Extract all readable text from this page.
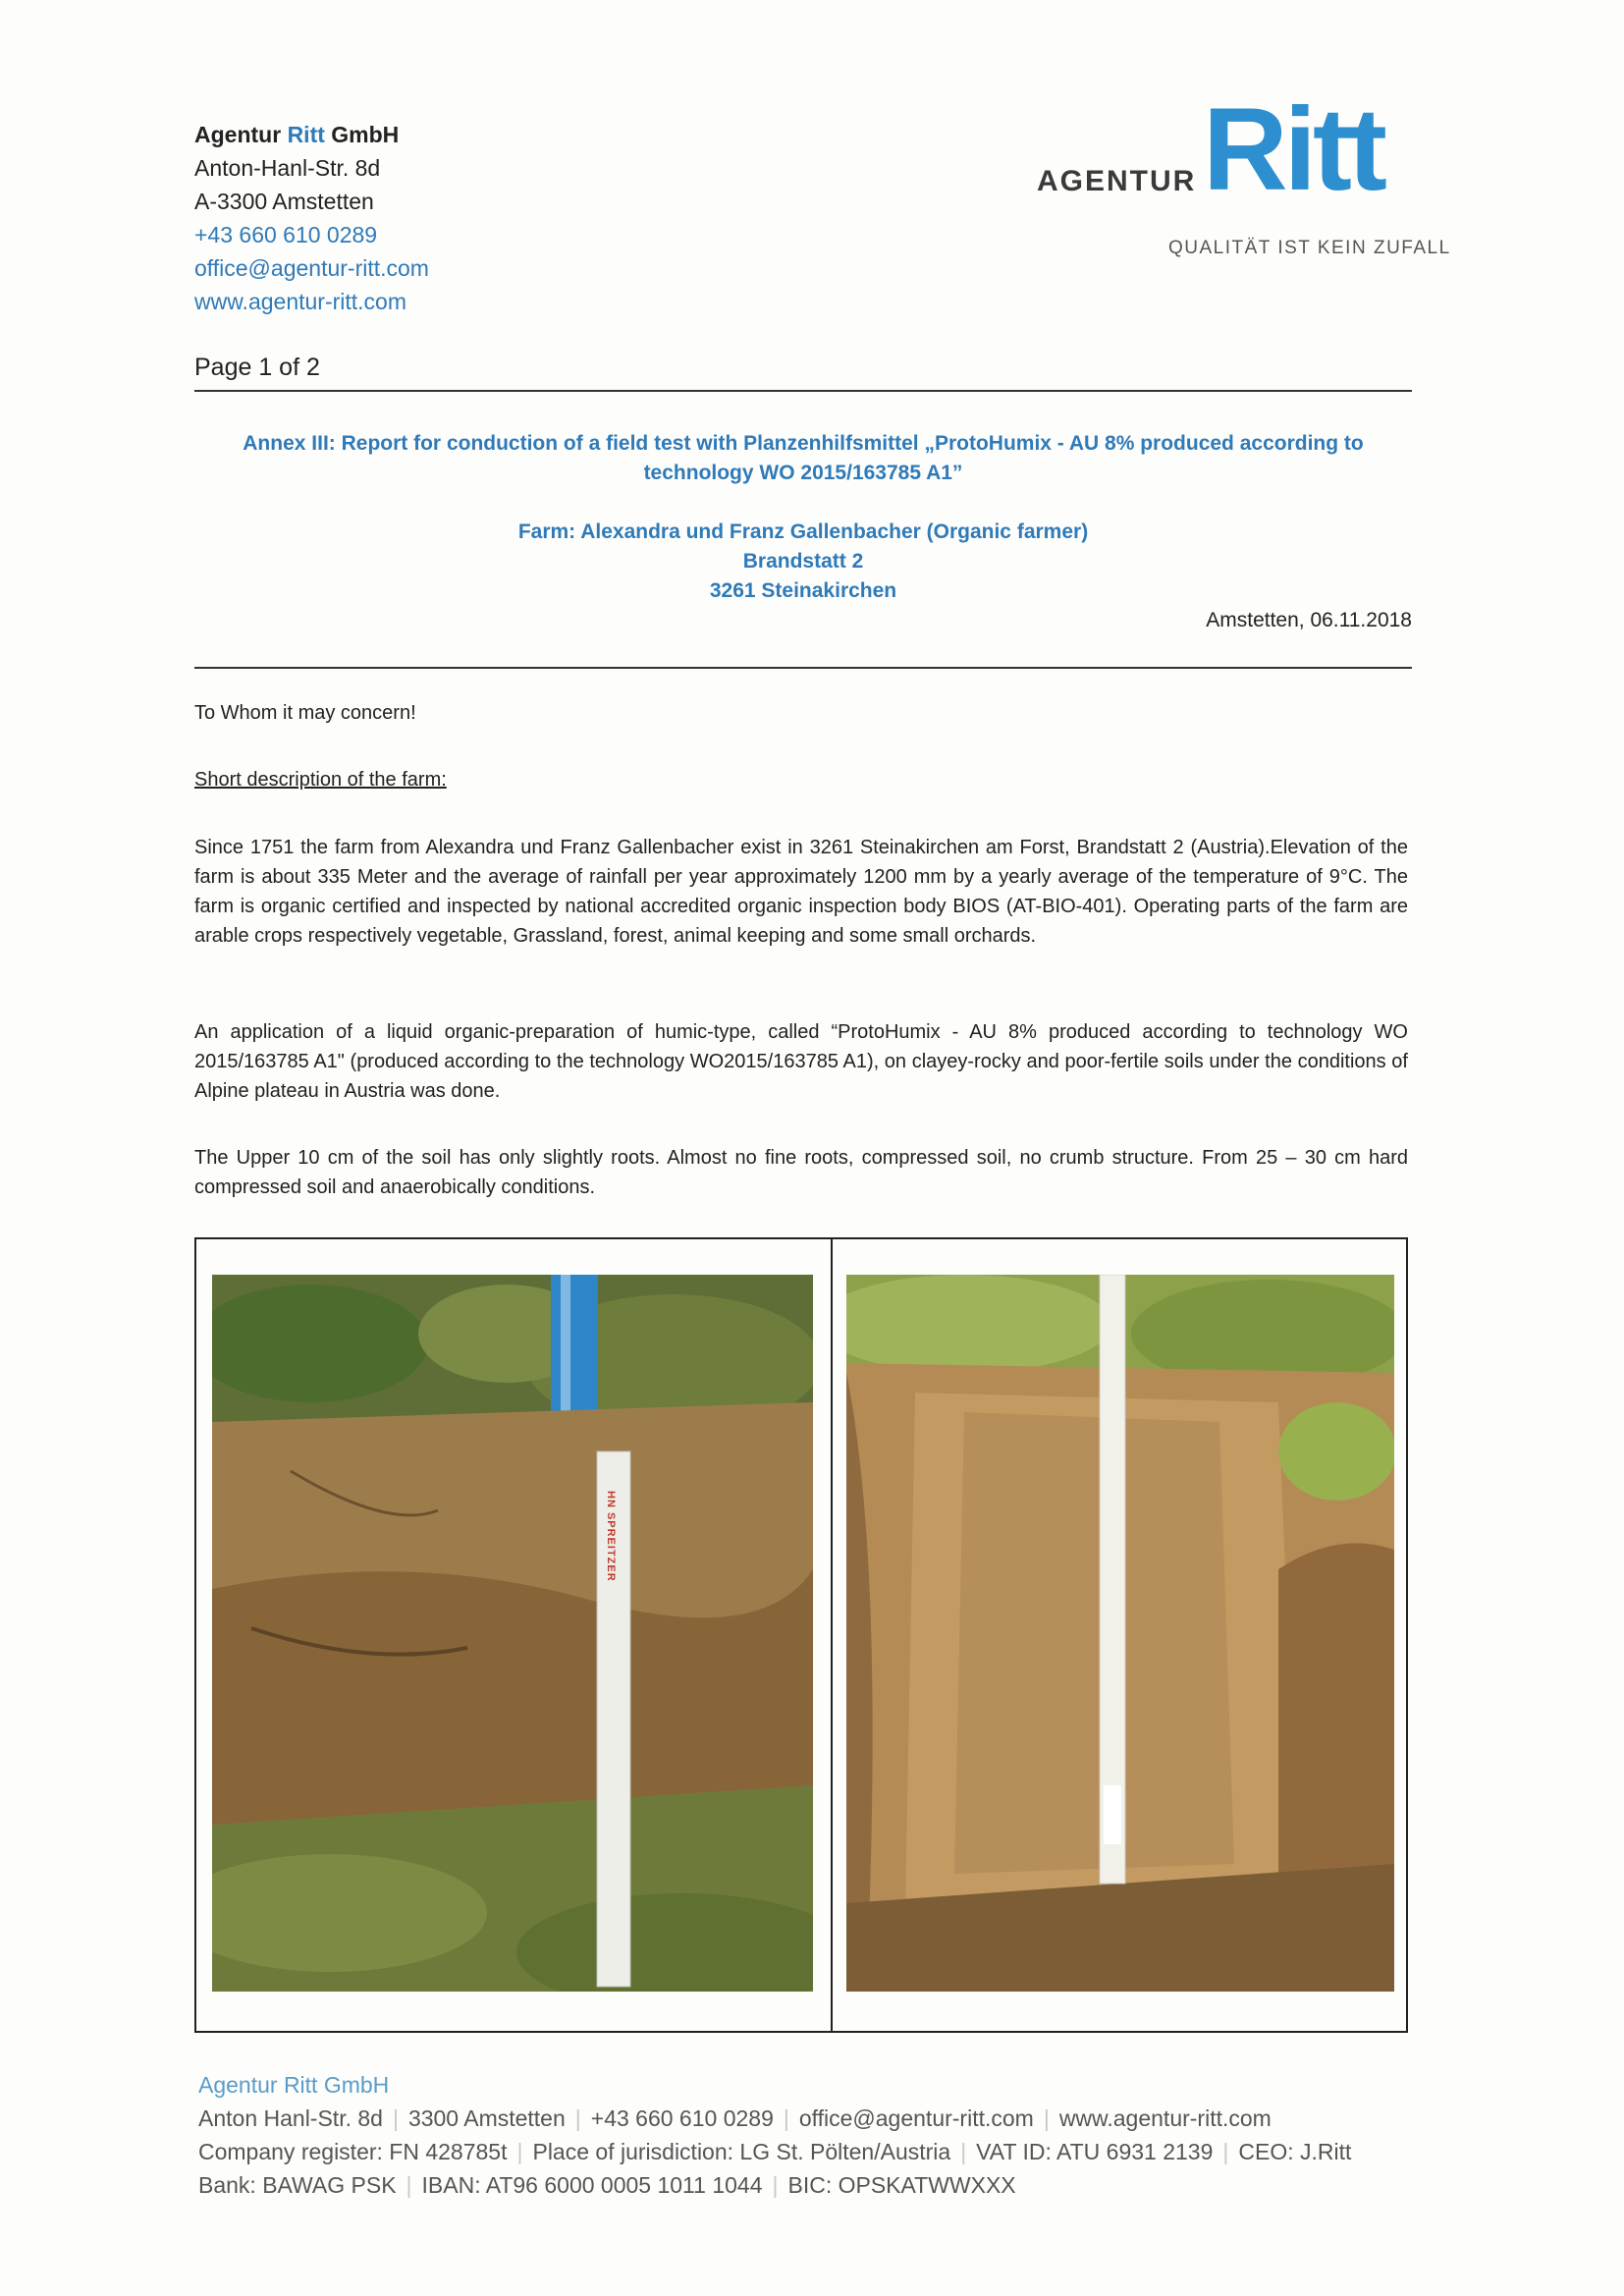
Agentur Ritt GmbH
Anton-Hanl-Str. 8d
A-3300 Amstetten
+43 660 610 0289
office@agentur-ritt.com
www.agentur-ritt.com
AGENTUR Ritt
QUALITÄT IST KEIN ZUFALL
Page 1 of 2
Annex III: Report for conduction of a field test with Planzenhilfsmittel „ProtoHumix - AU 8% produced according to
technology WO 2015/163785 A1”
Farm: Alexandra und Franz Gallenbacher (Organic farmer)
Brandstatt 2
3261 Steinakirchen
Amstetten, 06.11.2018
To Whom it may concern!
Short description of the farm:
Since 1751 the farm from Alexandra und Franz Gallenbacher exist in 3261 Steinakirchen am Forst, Brandstatt 2 (Austria).Elevation of the farm is about 335 Meter and the average of rainfall per year approximately 1200 mm by a yearly average of the temperature of 9°C. The farm is organic certified and inspected by national accredited organic inspection body BIOS (AT-BIO-401). Operating parts of the farm are arable crops respectively vegetable, Grassland, forest, animal keeping and some small orchards.
An application of a liquid organic-preparation of humic-type, called “ProtoHumix - AU 8% produced according to technology WO 2015/163785 A1" (produced according to the technology WO2015/163785 A1), on clayey-rocky and poor-fertile soils under the conditions of Alpine plateau in Austria was done.
The Upper 10 cm of the soil has only slightly roots. Almost no fine roots, compressed soil, no crumb structure. From 25 – 30 cm hard compressed soil and anaerobically conditions.
HN SPREITZER
Agentur Ritt GmbH
Anton Hanl-Str. 8d | 3300 Amstetten | +43 660 610 0289 | office@agentur-ritt.com | www.agentur-ritt.com
Company register: FN 428785t | Place of jurisdiction: LG St. Pölten/Austria | VAT ID: ATU 6931 2139 | CEO: J.Ritt
Bank: BAWAG PSK | IBAN: AT96 6000 0005 1011 1044 | BIC: OPSKATWWXXX
